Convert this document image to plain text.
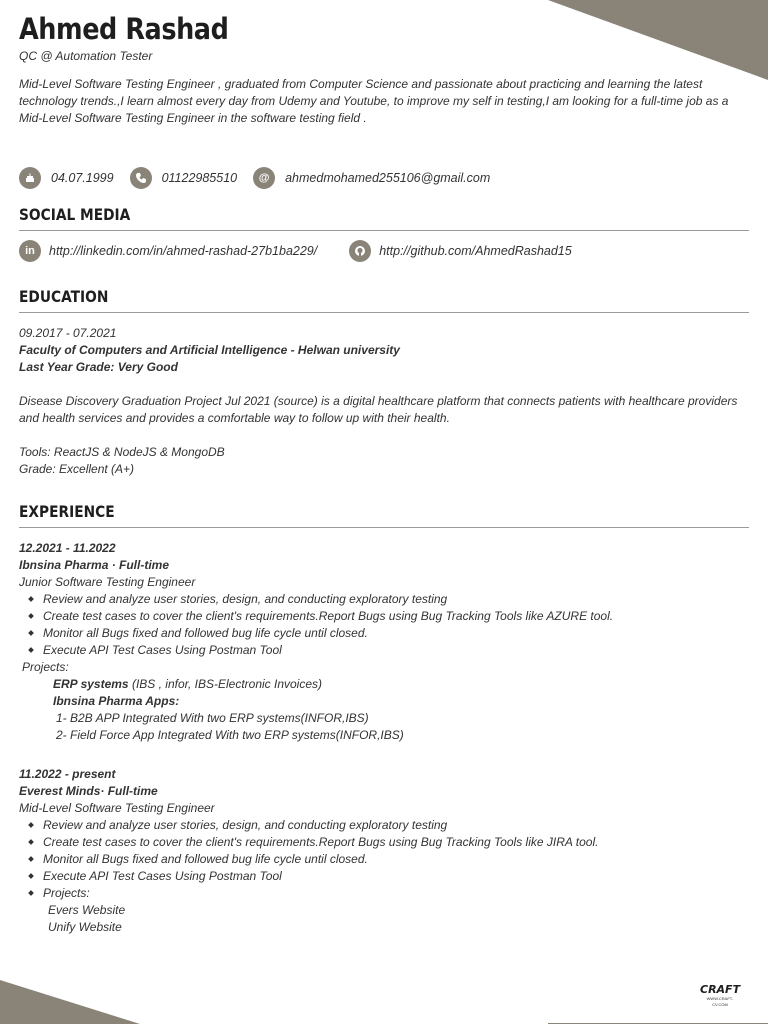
Ahmed Rashad
QC @ Automation Tester
Mid-Level Software Testing Engineer , graduated from Computer Science and passionate about practicing and learning the latest technology trends.,I learn almost every day from Udemy and Youtube, to improve my self in testing,I am looking for a full-time job as a Mid-Level Software Testing Engineer in the software testing field .
04.07.1999	01122985510	@	ahmedmohamed255106@gmail.com
SOCIAL MEDIA
in	http://linkedin.com/in/ahmed-rashad-27b1ba229/	http://github.com/AhmedRashad15
EDUCATION
09.2017 - 07.2021
Faculty of Computers and Artificial Intelligence - Helwan university
Last Year Grade: Very Good
Disease Discovery Graduation Project Jul 2021 (source) is a digital healthcare platform that connects patients with healthcare providers and health services and provides a comfortable way to follow up with their health.
Tools: ReactJS & NodeJS & MongoDB
Grade: Excellent (A+)
EXPERIENCE
12.2021 - 11.2022
Ibnsina Pharma · Full-time
Junior Software Testing Engineer
Review and analyze user stories, design, and conducting exploratory testing
Create test cases to cover the client's requirements.Report Bugs using Bug Tracking Tools like AZURE tool.
Monitor all Bugs fixed and followed bug life cycle until closed.
Execute API Test Cases Using Postman Tool
Projects:
ERP systems (IBS , infor, IBS-Electronic Invoices)
Ibnsina Pharma Apps:
1- B2B APP Integrated With two ERP systems(INFOR,IBS)
2- Field Force App Integrated With two ERP systems(INFOR,IBS)
11.2022 - present
Everest Minds· Full-time
Mid-Level Software Testing Engineer
Review and analyze user stories, design, and conducting exploratory testing
Create test cases to cover the client's requirements.Report Bugs using Bug Tracking Tools like JIRA tool.
Monitor all Bugs fixed and followed bug life cycle until closed.
Execute API Test Cases Using Postman Tool
Projects:
Evers Website
Unify Website
CRAFT
WWW.CRAFT-CV.COM
